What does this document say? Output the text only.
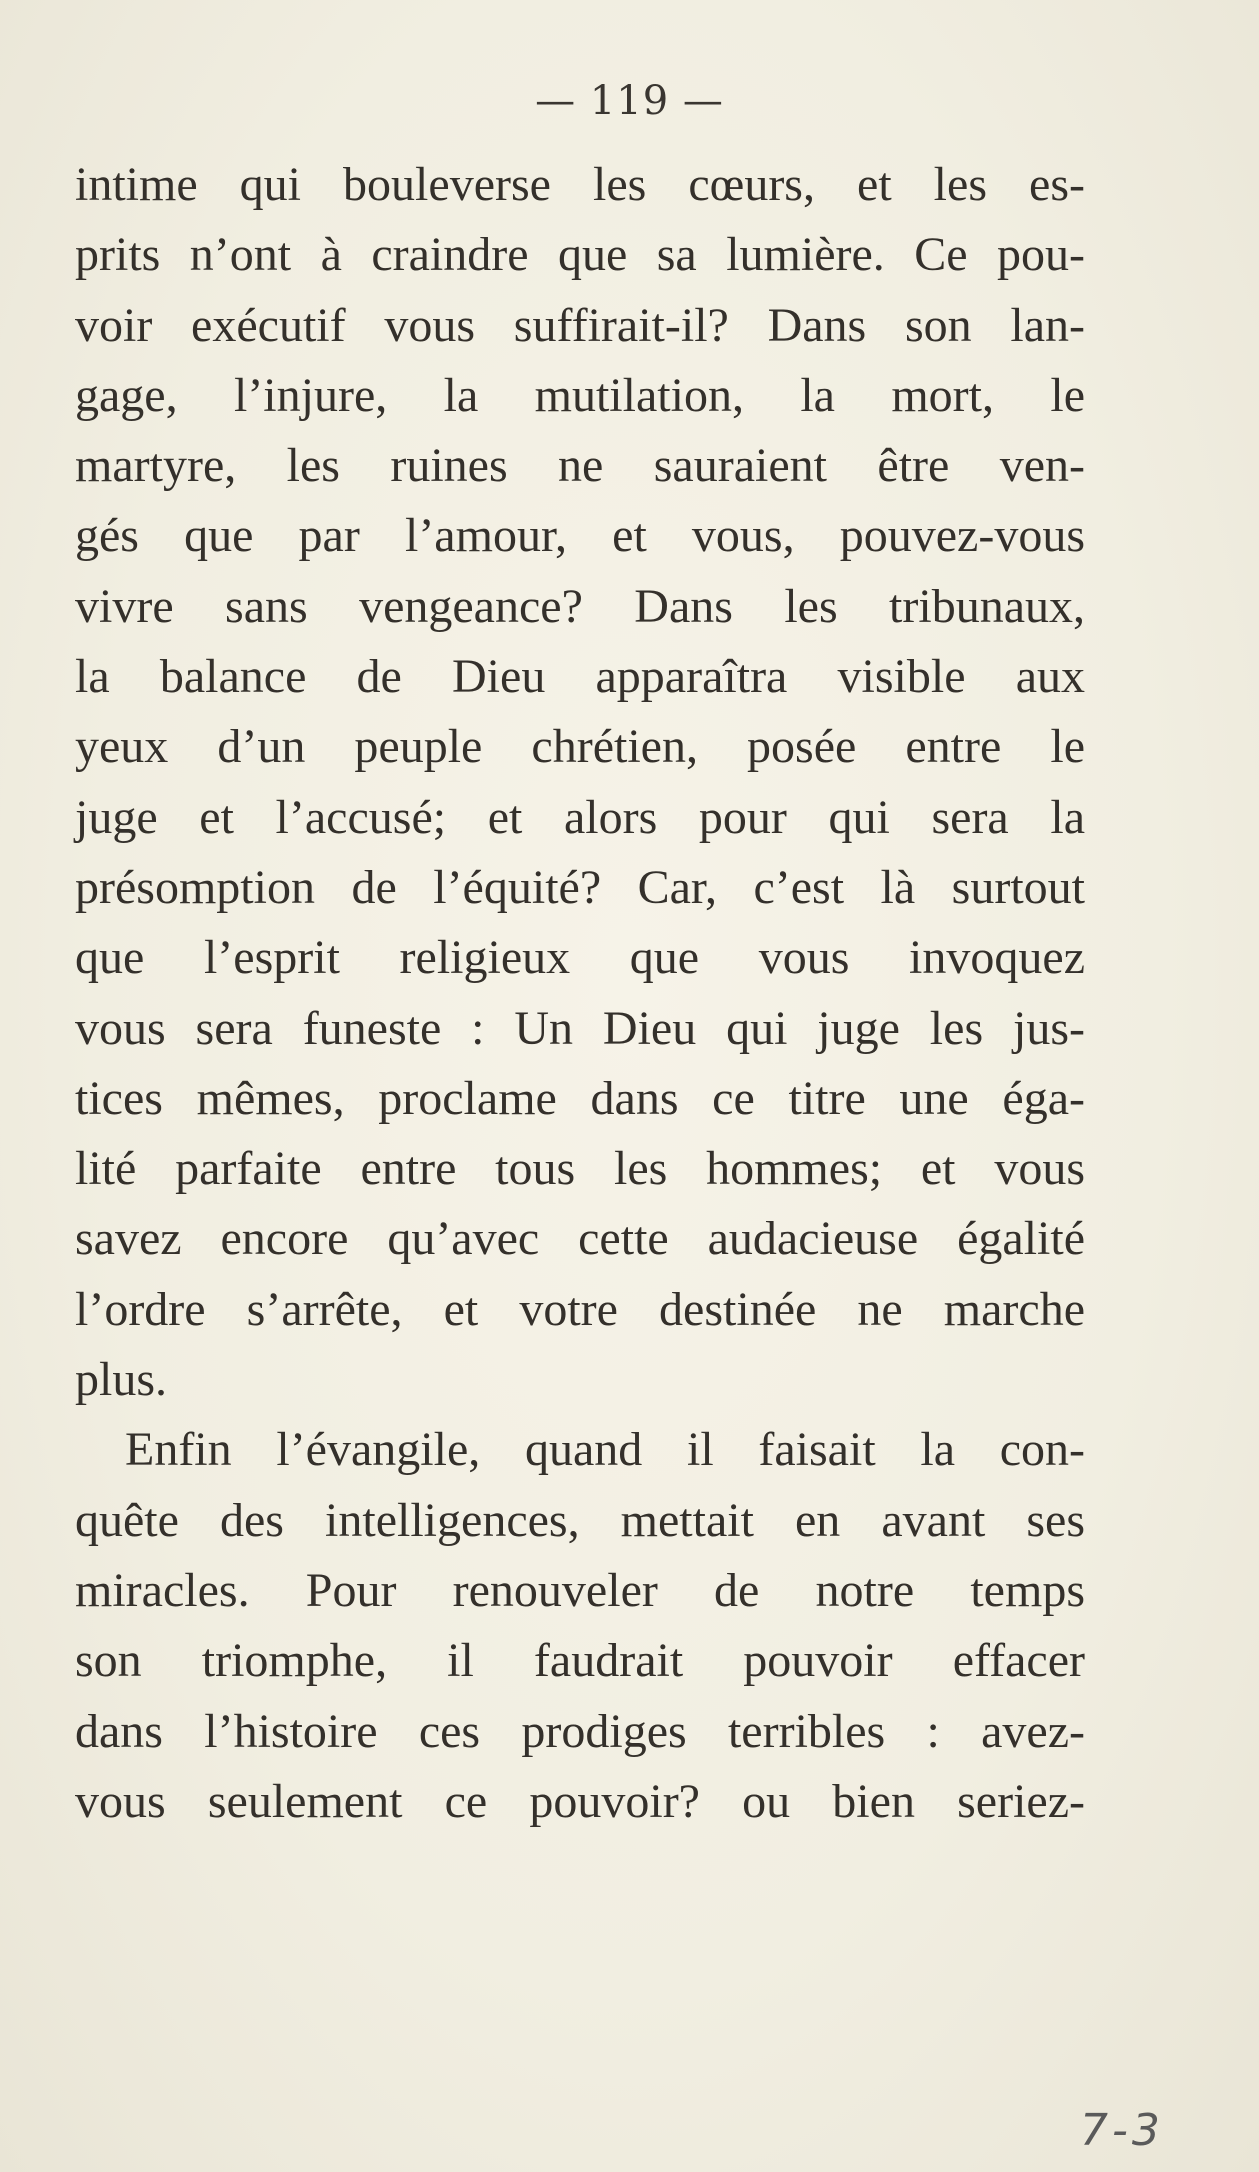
— 119 —
intime qui bouleverse les cœurs, et les es-
prits n’ont à craindre que sa lumière. Ce pou-
voir exécutif vous suffirait-il? Dans son lan-
gage, l’injure, la mutilation, la mort, le
martyre, les ruines ne sauraient être ven-
gés que par l’amour, et vous, pouvez-vous
vivre sans vengeance? Dans les tribunaux,
la balance de Dieu apparaîtra visible aux
yeux d’un peuple chrétien, posée entre le
juge et l’accusé; et alors pour qui sera la
présomption de l’équité? Car, c’est là surtout
que l’esprit religieux que vous invoquez
vous sera funeste : Un Dieu qui juge les jus-
tices mêmes, proclame dans ce titre une éga-
lité parfaite entre tous les hommes; et vous
savez encore qu’avec cette audacieuse égalité
l’ordre s’arrête, et votre destinée ne marche
plus.
Enfin l’évangile, quand il faisait la con-
quête des intelligences, mettait en avant ses
miracles. Pour renouveler de notre temps
son triomphe, il faudrait pouvoir effacer
dans l’histoire ces prodiges terribles : avez-
vous seulement ce pouvoir? ou bien seriez-
7-3
